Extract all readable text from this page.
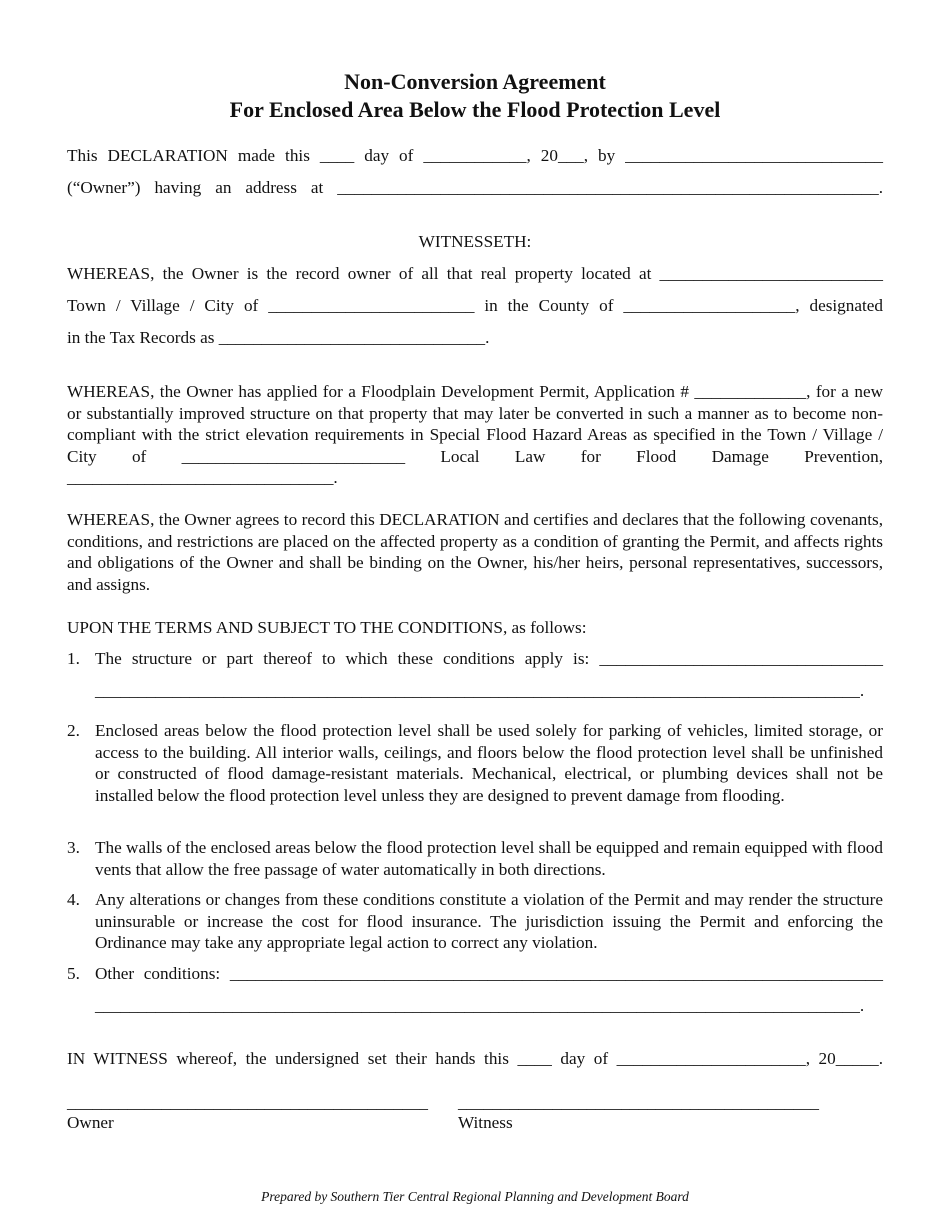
Non-Conversion Agreement
For Enclosed Area Below the Flood Protection Level

This DECLARATION made this ____ day of ____________, 20___, by ______________________________

(“Owner”) having an address at _______________________________________________________________.

WITNESSETH:

WHEREAS, the Owner is the record owner of all that real property located at __________________________

Town / Village / City of ________________________ in the County of ____________________, designated

in the Tax Records as _______________________________.

WHEREAS, the Owner has applied for a Floodplain Development Permit, Application # _____________, for a new or substantially improved structure on that property that may later be converted in such a manner as to become non-compliant with the strict elevation requirements in Special Flood Hazard Areas as specified in the Town / Village / City of __________________________ Local Law for Flood Damage Prevention, _______________________________.

WHEREAS, the Owner agrees to record this DECLARATION and certifies and declares that the following covenants, conditions, and restrictions are placed on the affected property as a condition of granting the Permit, and affects rights and obligations of the Owner and shall be binding on the Owner, his/her heirs, personal representatives, successors, and assigns.

UPON THE TERMS AND SUBJECT TO THE CONDITIONS, as follows:

1. The structure or part thereof to which these conditions apply is: _________________________________

_________________________________________________________________________________________.

2. Enclosed areas below the flood protection level shall be used solely for parking of vehicles, limited storage, or access to the building. All interior walls, ceilings, and floors below the flood protection level shall be unfinished or constructed of flood damage-resistant materials. Mechanical, electrical, or plumbing devices shall not be installed below the flood protection level unless they are designed to prevent damage from flooding.

3. The walls of the enclosed areas below the flood protection level shall be equipped and remain equipped with flood vents that allow the free passage of water automatically in both directions.

4. Any alterations or changes from these conditions constitute a violation of the Permit and may render the structure uninsurable or increase the cost for flood insurance. The jurisdiction issuing the Permit and enforcing the Ordinance may take any appropriate legal action to correct any violation.

5. Other conditions: ____________________________________________________________________________

_________________________________________________________________________________________.

IN WITNESS whereof, the undersigned set their hands this ____ day of ______________________, 20_____.

__________________________________________

Owner

__________________________________________

Witness

Prepared by Southern Tier Central Regional Planning and Development Board
